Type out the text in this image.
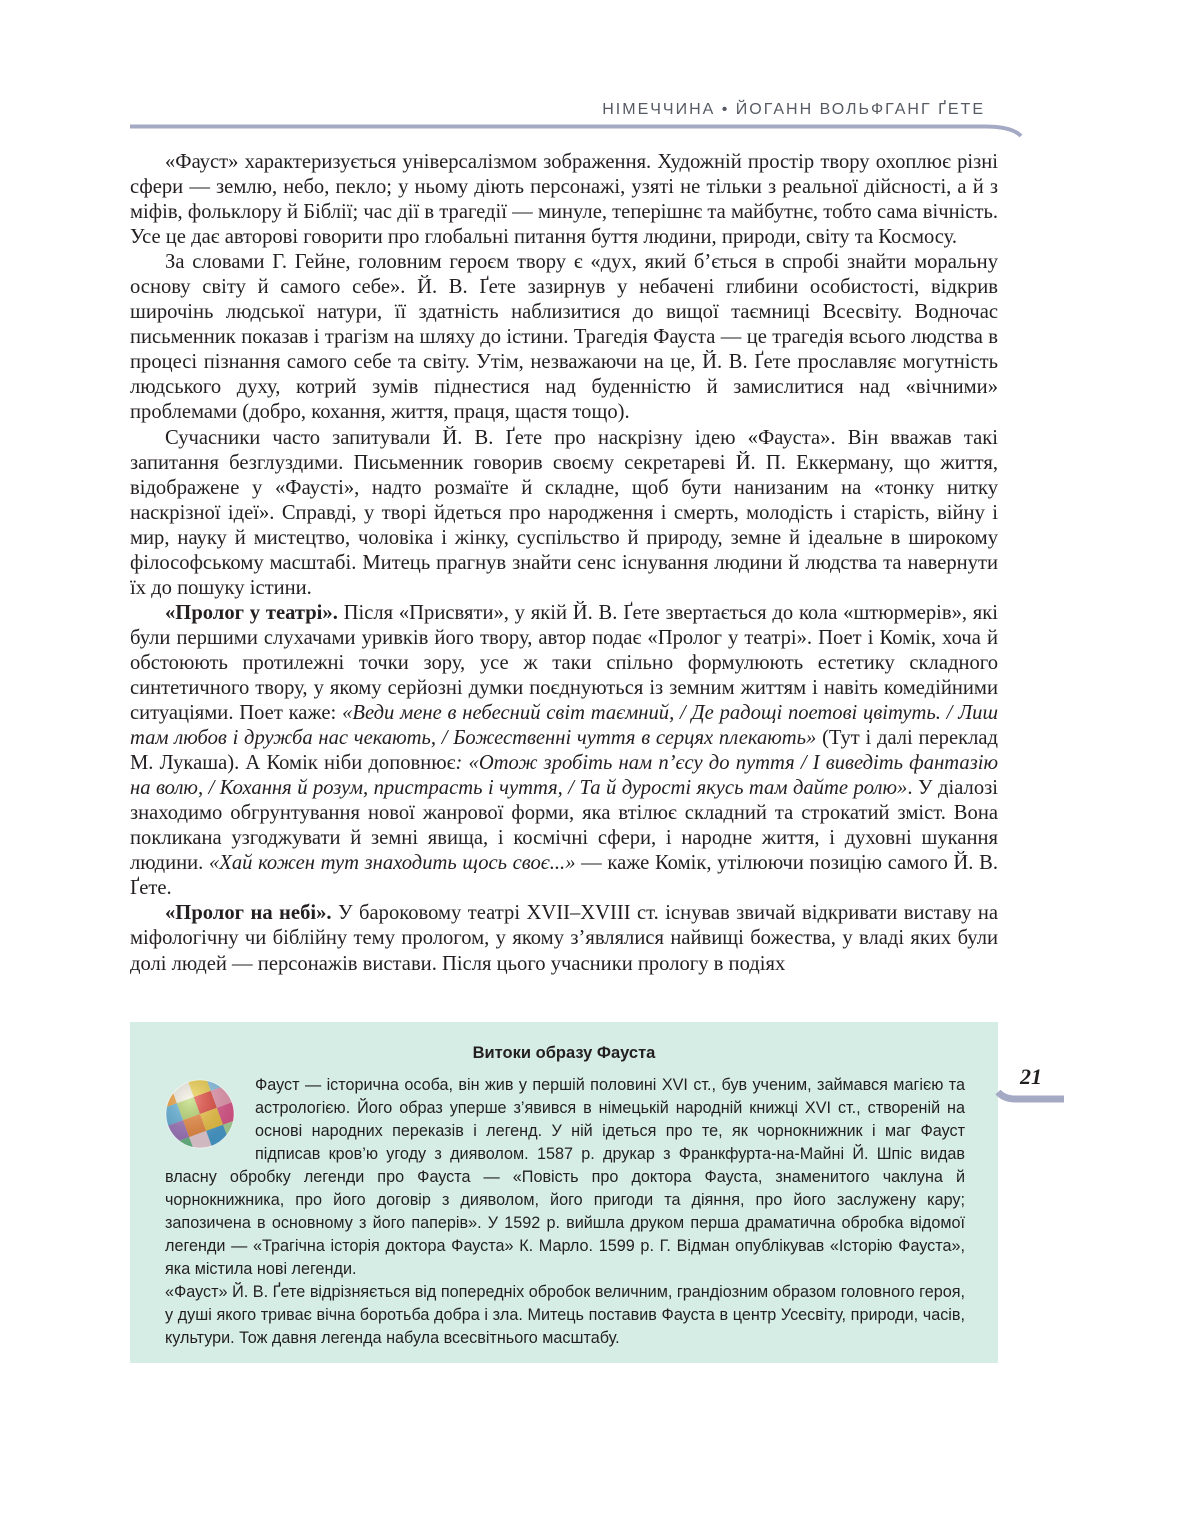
НІМЕЧЧИНА • ЙОГАНН ВОЛЬФГАНГ ҐЕТЕ

«Фауст» характеризується універсалізмом зображення. Художній простір твору охоплює різні сфери — землю, небо, пекло; у ньому діють персонажі, узяті не тільки з реальної дійсності, а й з міфів, фольклору й Біблії; час дії в трагедії — минуле, теперішнє та майбутнє, тобто сама вічність. Усе це дає авторові говорити про глобальні питання буття людини, природи, світу та Космосу.

За словами Г. Гейне, головним героєм твору є «дух, який б’ється в спробі знайти моральну основу світу й самого себе». Й. В. Ґете зазирнув у небачені глибини особистості, відкрив широчінь людської натури, її здатність наблизитися до вищої таємниці Всесвіту. Водночас письменник показав і трагізм на шляху до істини. Трагедія Фауста — це трагедія всього людства в процесі пізнання самого себе та світу. Утім, незважаючи на це, Й. В. Ґете прославляє могутність людського духу, котрий зумів піднестися над буденністю й замислитися над «вічними» проблемами (добро, кохання, життя, праця, щастя тощо).

Сучасники часто запитували Й. В. Ґете про наскрізну ідею «Фауста». Він вважав такі запитання безглуздими. Письменник говорив своєму секретареві Й. П. Еккерману, що життя, відображене у «Фаусті», надто розмаїте й складне, щоб бути нанизаним на «тонку нитку наскрізної ідеї». Справді, у творі йдеться про народження і смерть, молодість і старість, війну і мир, науку й мистецтво, чоловіка і жінку, суспільство й природу, земне й ідеальне в широкому філософському масштабі. Митець прагнув знайти сенс існування людини й людства та навернути їх до пошуку істини.

«Пролог у театрі». Після «Присвяти», у якій Й. В. Ґете звертається до кола «штюрмерів», які були першими слухачами уривків його твору, автор подає «Пролог у театрі». Поет і Комік, хоча й обстоюють протилежні точки зору, усе ж таки спільно формулюють естетику складного синтетичного твору, у якому серйозні думки поєднуються із земним життям і навіть комедійними ситуаціями. Поет каже: «Веди мене в небесний світ таємний, / Де радощі поетові цвітуть. / Лиш там любов і дружба нас чекають, / Божественні чуття в серцях плекають» (Тут і далі переклад М. Лукаша). А Комік ніби доповнює: «Отож зробіть нам п’єсу до пуття / І виведіть фантазію на волю, / Кохання й розум, пристрасть і чуття, / Та й дурості якусь там дайте ролю». У діалозі знаходимо обгрунтування нової жанрової форми, яка втілює складний та строкатий зміст. Вона покликана узгоджувати й земні явища, і космічні сфери, і народне життя, і духовні шукання людини. «Хай кожен тут знаходить щось своє...» — каже Комік, утілюючи позицію самого Й. В. Ґете.

«Пролог на небі». У бароковому театрі XVII–XVIII ст. існував звичай відкривати виставу на міфологічну чи біблійну тему прологом, у якому з’являлися найвищі божества, у владі яких були долі людей — персонажів вистави. Після цього учасники прологу в подіях

Витоки образу Фауста

Фауст — історична особа, він жив у першій половині XVI ст., був ученим, займався магією та астрологією. Його образ уперше з’явився в німецькій народній книжці XVI ст., створеній на основі народних переказів і легенд. У ній ідеться про те, як чорнокнижник і маг Фауст підписав кров’ю угоду з дияволом. 1587 р. друкар з Франкфурта-на-Майні Й. Шпіс видав власну обробку легенди про Фауста — «Повість про доктора Фауста, знаменитого чаклуна й чорнокнижника, про його договір з дияволом, його пригоди та діяння, про його заслужену кару; запозичена в основному з його паперів». У 1592 р. вийшла друком перша драматична обробка відомої легенди — «Трагічна історія доктора Фауста» К. Марло. 1599 р. Г. Відман опублікував «Історію Фауста», яка містила нові легенди.

«Фауст» Й. В. Ґете відрізняється від попередніх обробок величним, грандіозним образом головного героя, у душі якого триває вічна боротьба добра і зла. Митець поставив Фауста в центр Усесвіту, природи, часів, культури. Тож давня легенда набула всесвітнього масштабу.

21
